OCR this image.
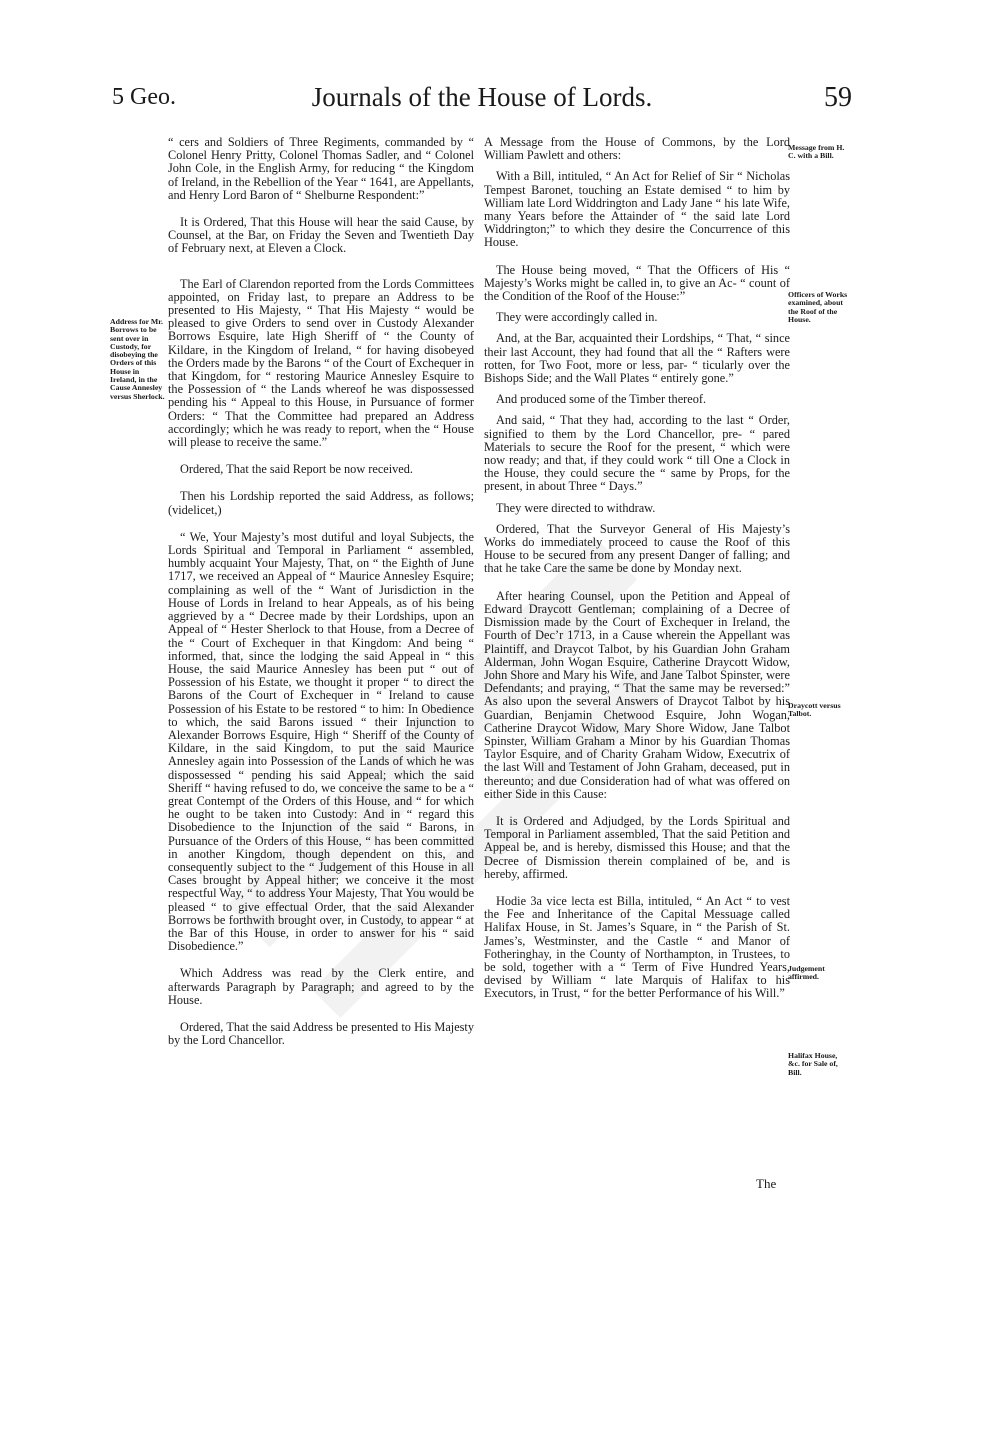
5 Geo.	Journals of the House of Lords.	59
Address for Mr. Borrows to be sent over in Custody, for disobeying the Orders of this House in Ireland, in the Cause Annesley versus Sherlock.
Message from H. C. with a Bill.
Officers of Works examined, about the Roof of the House.
Draycott versus Talbot.
Judgement affirmed.
Halifax House, &c. for Sale of, Bill.

“ cers and Soldiers of Three Regiments, commanded by “ Colonel Henry Pritty, Colonel Thomas Sadler, and “ Colonel John Cole, in the English Army, for reducing “ the Kingdom of Ireland, in the Rebellion of the Year “ 1641, are Appellants, and Henry Lord Baron of “ Shelburne Respondent:”

It is Ordered, That this House will hear the said Cause, by Counsel, at the Bar, on Friday the Seven and Twentieth Day of February next, at Eleven a Clock.

The Earl of Clarendon reported from the Lords Committees appointed, on Friday last, to prepare an Address to be presented to His Majesty, “ That His Majesty “ would be pleased to give Orders to send over in Custody Alexander Borrows Esquire, late High Sheriff of “ the County of Kildare, in the Kingdom of Ireland, “ for having disobeyed the Orders made by the Barons “ of the Court of Exchequer in that Kingdom, for “ restoring Maurice Annesley Esquire to the Possession of “ the Lands whereof he was dispossessed pending his “ Appeal to this House, in Pursuance of former Orders: “ That the Committee had prepared an Address accordingly; which he was ready to report, when the “ House will please to receive the same.”

Ordered, That the said Report be now received.

Then his Lordship reported the said Address, as follows; (videlicet,)

“ We, Your Majesty’s most dutiful and loyal Subjects, the Lords Spiritual and Temporal in Parliament “ assembled, humbly acquaint Your Majesty, That, on “ the Eighth of June 1717, we received an Appeal of “ Maurice Annesley Esquire; complaining as well of the “ Want of Jurisdiction in the House of Lords in Ireland to hear Appeals, as of his being aggrieved by a “ Decree made by their Lordships, upon an Appeal of “ Hester Sherlock to that House, from a Decree of the “ Court of Exchequer in that Kingdom: And being “ informed, that, since the lodging the said Appeal in “ this House, the said Maurice Annesley has been put “ out of Possession of his Estate, we thought it proper “ to direct the Barons of the Court of Exchequer in “ Ireland to cause Possession of his Estate to be restored “ to him: In Obedience to which, the said Barons issued “ their Injunction to Alexander Borrows Esquire, High “ Sheriff of the County of Kildare, in the said Kingdom, to put the said Maurice Annesley again into Possession of the Lands of which he was dispossessed “ pending his said Appeal; which the said Sheriff “ having refused to do, we conceive the same to be a “ great Contempt of the Orders of this House, and “ for which he ought to be taken into Custody: And in “ regard this Disobedience to the Injunction of the said “ Barons, in Pursuance of the Orders of this House, “ has been committed in another Kingdom, though dependent on this, and consequently subject to the “ Judgement of this House in all Cases brought by Appeal hither; we conceive it the most respectful Way, “ to address Your Majesty, That You would be pleased “ to give effectual Order, that the said Alexander Borrows be forthwith brought over, in Custody, to appear “ at the Bar of this House, in order to answer for his “ said Disobedience.”

Which Address was read by the Clerk entire, and afterwards Paragraph by Paragraph; and agreed to by the House.

Ordered, That the said Address be presented to His Majesty by the Lord Chancellor.

A Message from the House of Commons, by the Lord William Pawlett and others:

With a Bill, intituled, “ An Act for Relief of Sir “ Nicholas Tempest Baronet, touching an Estate demised “ to him by William late Lord Widdrington and Lady Jane “ his late Wife, many Years before the Attainder of “ the said late Lord Widdrington;” to which they desire the Concurrence of this House.

The House being moved, “ That the Officers of His “ Majesty’s Works might be called in, to give an Ac- “ count of the Condition of the Roof of the House:”

They were accordingly called in.

And, at the Bar, acquainted their Lordships, “ That, “ since their last Account, they had found that all the “ Rafters were rotten, for Two Foot, more or less, par- “ ticularly over the Bishops Side; and the Wall Plates “ entirely gone.”

And produced some of the Timber thereof.

And said, “ That they had, according to the last “ Order, signified to them by the Lord Chancellor, pre- “ pared Materials to secure the Roof for the present, “ which were now ready; and that, if they could work “ till One a Clock in the House, they could secure the “ same by Props, for the present, in about Three “ Days.”

They were directed to withdraw.

Ordered, That the Surveyor General of His Majesty’s Works do immediately proceed to cause the Roof of this House to be secured from any present Danger of falling; and that he take Care the same be done by Monday next.

After hearing Counsel, upon the Petition and Appeal of Edward Draycott Gentleman; complaining of a Decree of Dismission made by the Court of Exchequer in Ireland, the Fourth of Dec’r 1713, in a Cause wherein the Appellant was Plaintiff, and Draycot Talbot, by his Guardian John Graham Alderman, John Wogan Esquire, Catherine Draycott Widow, John Shore and Mary his Wife, and Jane Talbot Spinster, were Defendants; and praying, “ That the same may be reversed:” As also upon the several Answers of Draycot Talbot by his Guardian, Benjamin Chetwood Esquire, John Wogan, Catherine Draycot Widow, Mary Shore Widow, Jane Talbot Spinster, William Graham a Minor by his Guardian Thomas Taylor Esquire, and of Charity Graham Widow, Executrix of the last Will and Testament of John Graham, deceased, put in thereunto; and due Consideration had of what was offered on either Side in this Cause:

It is Ordered and Adjudged, by the Lords Spiritual and Temporal in Parliament assembled, That the said Petition and Appeal be, and is hereby, dismissed this House; and that the Decree of Dismission therein complained of be, and is hereby, affirmed.

Hodie 3a vice lecta est Billa, intituled, “ An Act “ to vest the Fee and Inheritance of the Capital Messuage called Halifax House, in St. James’s Square, in “ the Parish of St. James’s, Westminster, and the Castle “ and Manor of Fotheringhay, in the County of Northampton, in Trustees, to be sold, together with a “ Term of Five Hundred Years, devised by William “ late Marquis of Halifax to his Executors, in Trust, “ for the better Performance of his Will.”

The
